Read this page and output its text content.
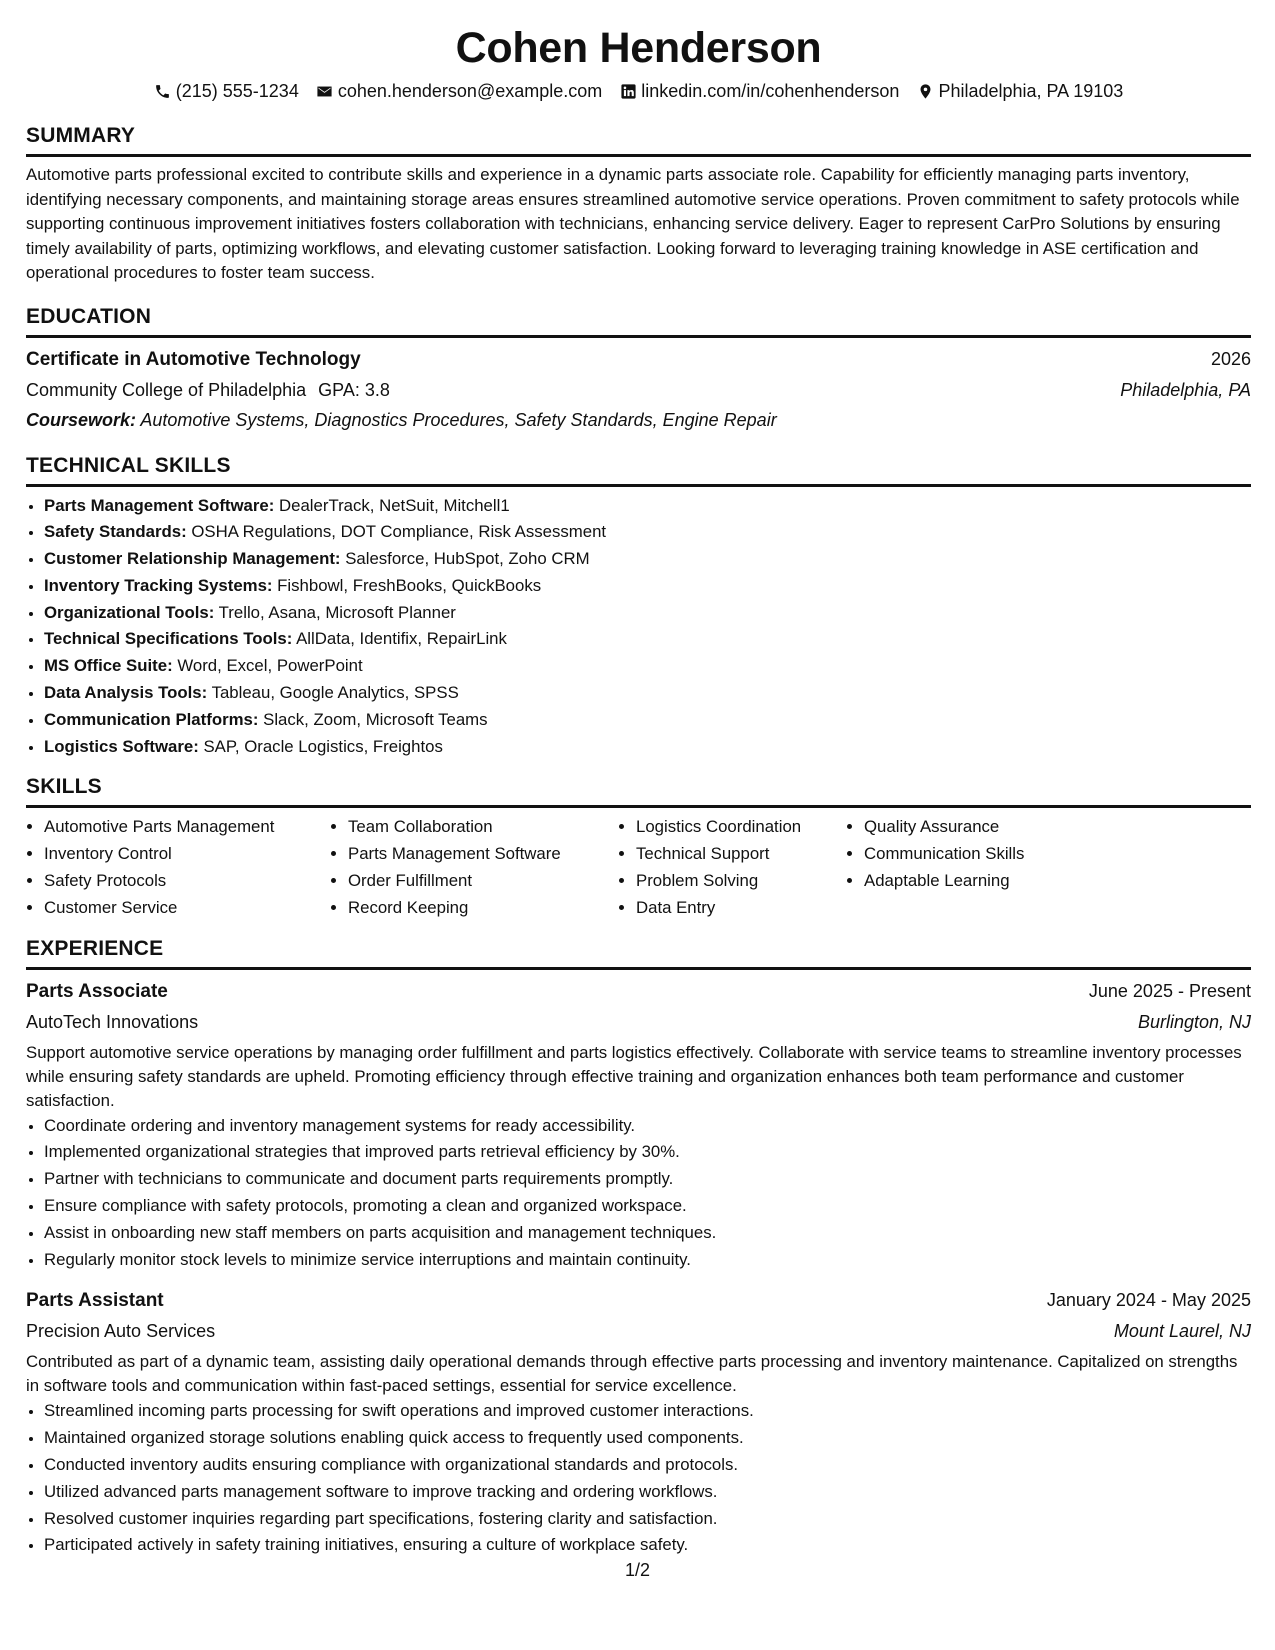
Cohen Henderson
(215) 555-1234 cohen.henderson@example.com linkedin.com/in/cohenhenderson Philadelphia, PA 19103
SUMMARY

Automotive parts professional excited to contribute skills and experience in a dynamic parts associate role. Capability for efficiently managing parts inventory, identifying necessary components, and maintaining storage areas ensures streamlined automotive service operations. Proven commitment to safety protocols while supporting continuous improvement initiatives fosters collaboration with technicians, enhancing service delivery. Eager to represent CarPro Solutions by ensuring timely availability of parts, optimizing workflows, and elevating customer satisfaction. Looking forward to leveraging training knowledge in ASE certification and operational procedures to foster team success.

EDUCATION
Certificate in Automotive Technology	2026
Community College of Philadelphia GPA: 3.8	Philadelphia, PA
Coursework: Automotive Systems, Diagnostics Procedures, Safety Standards, Engine Repair
TECHNICAL SKILLS
• Parts Management Software: DealerTrack, NetSuit, Mitchell1
• Safety Standards: OSHA Regulations, DOT Compliance, Risk Assessment
• Customer Relationship Management: Salesforce, HubSpot, Zoho CRM
• Inventory Tracking Systems: Fishbowl, FreshBooks, QuickBooks
• Organizational Tools: Trello, Asana, Microsoft Planner
• Technical Specifications Tools: AllData, Identifix, RepairLink
• MS Office Suite: Word, Excel, PowerPoint
• Data Analysis Tools: Tableau, Google Analytics, SPSS
• Communication Platforms: Slack, Zoom, Microsoft Teams
• Logistics Software: SAP, Oracle Logistics, Freightos
SKILLS
• Automotive Parts Management
• Inventory Control
• Safety Protocols
• Customer Service
• Team Collaboration
• Parts Management Software
• Order Fulfillment
• Record Keeping
• Logistics Coordination
• Technical Support
• Problem Solving
• Data Entry
• Quality Assurance
• Communication Skills
• Adaptable Learning
EXPERIENCE
Parts Associate	June 2025 - Present
AutoTech Innovations	Burlington, NJ

Support automotive service operations by managing order fulfillment and parts logistics effectively. Collaborate with service teams to streamline inventory processes while ensuring safety standards are upheld. Promoting efficiency through effective training and organization enhances both team performance and customer satisfaction.

• Coordinate ordering and inventory management systems for ready accessibility.
• Implemented organizational strategies that improved parts retrieval efficiency by 30%.
• Partner with technicians to communicate and document parts requirements promptly.
• Ensure compliance with safety protocols, promoting a clean and organized workspace.
• Assist in onboarding new staff members on parts acquisition and management techniques.
• Regularly monitor stock levels to minimize service interruptions and maintain continuity.
Parts Assistant	January 2024 - May 2025
Precision Auto Services	Mount Laurel, NJ

Contributed as part of a dynamic team, assisting daily operational demands through effective parts processing and inventory maintenance. Capitalized on strengths in software tools and communication within fast-paced settings, essential for service excellence.

• Streamlined incoming parts processing for swift operations and improved customer interactions.
• Maintained organized storage solutions enabling quick access to frequently used components.
• Conducted inventory audits ensuring compliance with organizational standards and protocols.
• Utilized advanced parts management software to improve tracking and ordering workflows.
• Resolved customer inquiries regarding part specifications, fostering clarity and satisfaction.
• Participated actively in safety training initiatives, ensuring a culture of workplace safety.
1/2
